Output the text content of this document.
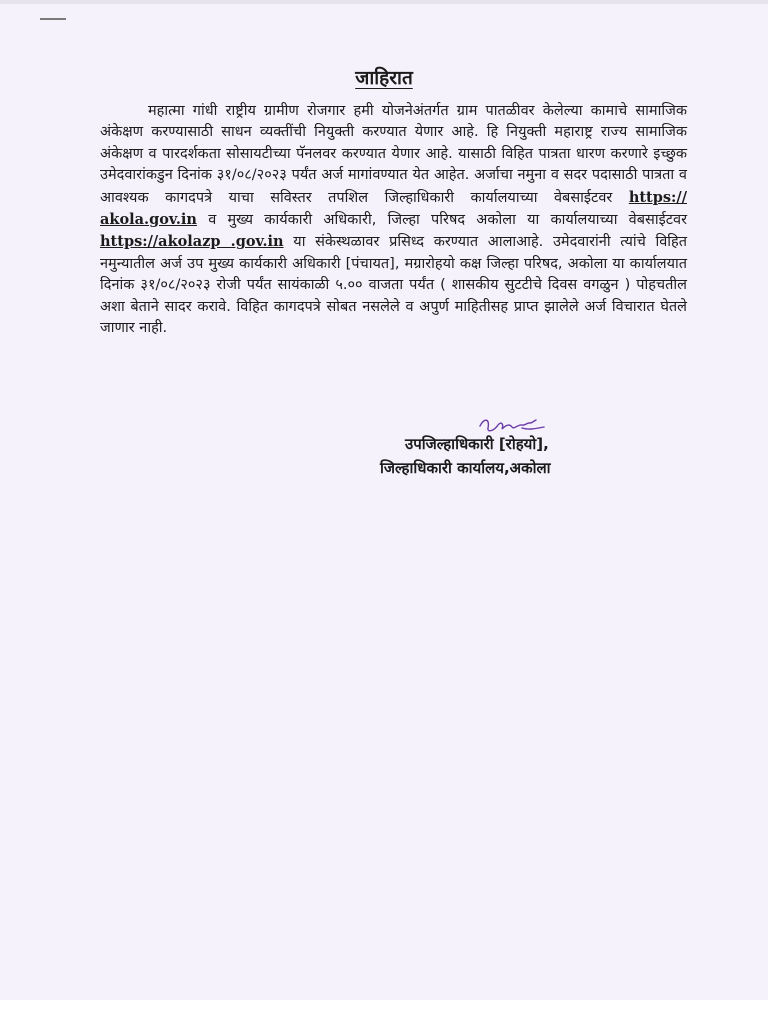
जाहिरात

महात्मा गांधी राष्ट्रीय ग्रामीण रोजगार हमी योजनेअंतर्गत ग्राम पातळीवर केलेल्या कामाचे सामाजिक अंकेक्षण करण्यासाठी साधन व्यक्तींची नियुक्ती करण्यात येणार आहे. हि नियुक्ती महाराष्ट्र राज्य सामाजिक अंकेक्षण व पारदर्शकता सोसायटीच्या पॅनलवर करण्यात येणार आहे. यासाठी विहित पात्रता धारण करणारे इच्छुक उमेदवारांकडुन दिनांक ३१/०८/२०२३ पर्यंत अर्ज मागांवण्यात येत आहेत. अर्जाचा नमुना व सदर पदासाठी पात्रता व आवश्यक कागदपत्रे याचा सविस्तर तपशिल जिल्हाधिकारी कार्यालयाच्या वेबसाईटवर https:// akola.gov.in व मुख्य कार्यकारी अधिकारी, जिल्हा परिषद अकोला या कार्यालयाच्या वेबसाईटवर https://akolazp .gov.in या संकेस्थळावर प्रसिध्द करण्यात आलाआहे. उमेदवारांनी त्यांचे विहित नमुन्यातील अर्ज उप मुख्य कार्यकारी अधिकारी [पंचायत], मग्रारोहयो कक्ष जिल्हा परिषद, अकोला या कार्यालयात दिनांक ३१/०८/२०२३ रोजी पर्यंत सायंकाळी ५.०० वाजता पर्यंत ( शासकीय सुटटीचे दिवस वगळुन ) पोहचतील अशा बेताने सादर करावे. विहित कागदपत्रे सोबत नसलेले व अपुर्ण माहितीसह प्राप्त झालेले अर्ज विचारात घेतले जाणार नाही.

उपजिल्हाधिकारी [रोहयो],
जिल्हाधिकारी कार्यालय,अकोला
